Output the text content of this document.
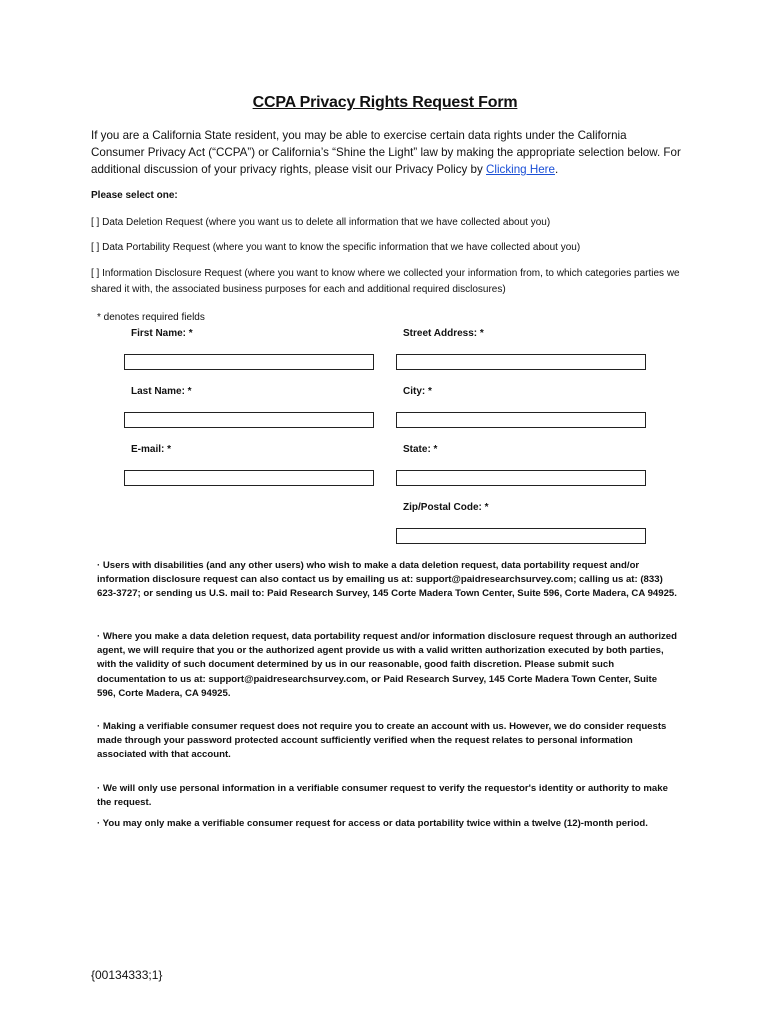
CCPA Privacy Rights Request Form
If you are a California State resident, you may be able to exercise certain data rights under the California Consumer Privacy Act (“CCPA”) or California’s “Shine the Light” law by making the appropriate selection below. For additional discussion of your privacy rights, please visit our Privacy Policy by Clicking Here.
Please select one:
[ ] Data Deletion Request (where you want us to delete all information that we have collected about you)
[ ] Data Portability Request (where you want to know the specific information that we have collected about you)
[ ] Information Disclosure Request (where you want to know where we collected your information from, to which categories parties we shared it with, the associated business purposes for each and additional required disclosures)
* denotes required fields
First Name: *
Last Name: *
E-mail: *
Street Address: *
City: *
State: *
Zip/Postal Code: *
· Users with disabilities (and any other users) who wish to make a data deletion request, data portability request and/or information disclosure request can also contact us by emailing us at: support@paidresearchsurvey.com; calling us at: (833) 623-3727; or sending us U.S. mail to: Paid Research Survey, 145 Corte Madera Town Center, Suite 596, Corte Madera, CA 94925.
· Where you make a data deletion request, data portability request and/or information disclosure request through an authorized agent, we will require that you or the authorized agent provide us with a valid written authorization executed by both parties, with the validity of such document determined by us in our reasonable, good faith discretion. Please submit such documentation to us at: support@paidresearchsurvey.com, or Paid Research Survey, 145 Corte Madera Town Center, Suite 596, Corte Madera, CA 94925.
· Making a verifiable consumer request does not require you to create an account with us. However, we do consider requests made through your password protected account sufficiently verified when the request relates to personal information associated with that account.
· We will only use personal information in a verifiable consumer request to verify the requestor's identity or authority to make the request.
· You may only make a verifiable consumer request for access or data portability twice within a twelve (12)-month period.
{00134333;1}
